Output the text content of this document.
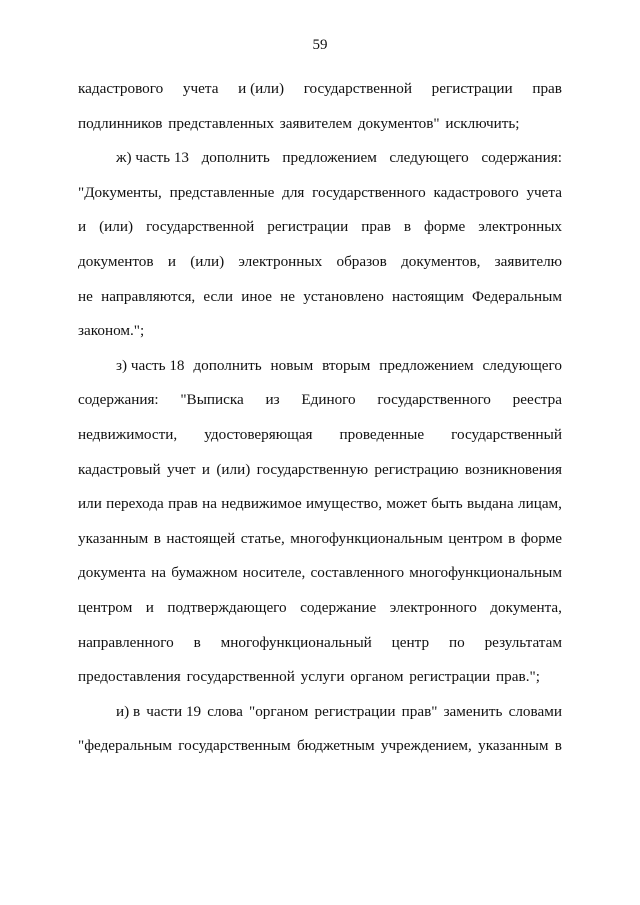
59
кадастрового учета и (или) государственной регистрации прав
подлинников представленных заявителем документов" исключить;
ж) часть 13 дополнить предложением следующего содержания:
"Документы, представленные для государственного кадастрового учета
и (или) государственной регистрации прав в форме электронных
документов и (или) электронных образов документов, заявителю
не направляются, если иное не установлено настоящим Федеральным
законом.";
з) часть 18 дополнить новым вторым предложением следующего
содержания: "Выписка из Единого государственного реестра
недвижимости, удостоверяющая проведенные государственный
кадастровый учет и (или) государственную регистрацию возникновения
или перехода прав на недвижимое имущество, может быть выдана лицам,
указанным в настоящей статье, многофункциональным центром в форме
документа на бумажном носителе, составленного многофункциональным
центром и подтверждающего содержание электронного документа,
направленного в многофункциональный центр по результатам
предоставления государственной услуги органом регистрации прав.";
и) в части 19 слова "органом регистрации прав" заменить словами
"федеральным государственным бюджетным учреждением, указанным в
